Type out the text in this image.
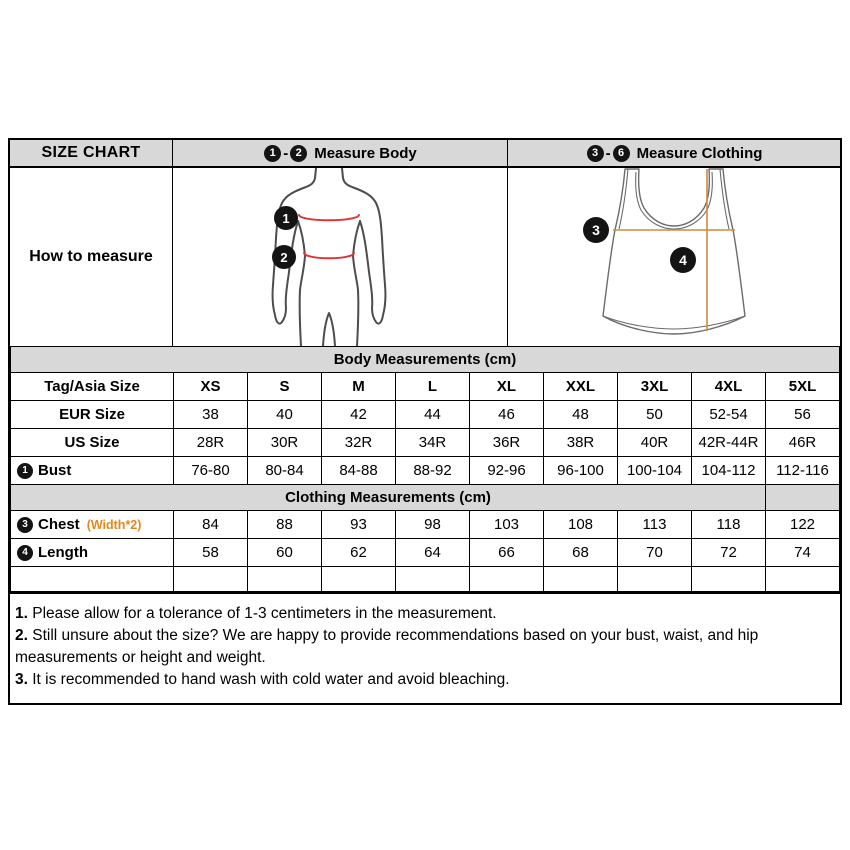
SIZE CHART	1 - 2 Measure Body	3 - 6 Measure Clothing
How to measure
1
2
3
4
Body Measurements (cm)									
Tag/Asia Size	XS	S	M	L	XL	XXL	3XL	4XL	5XL
EUR Size	38	40	42	44	46	48	50	52-54	56
US Size	28R	30R	32R	34R	36R	38R	40R	42R-44R	46R

1 Bust	76-80	80-84	84-88	88-92	92-96	96-100	100-104	104-112	112-116
Clothing Measurements (cm)									

3 Chest (Width*2)	84	88	93	98	103	108	113	118	122

4 Length	58	60	62	64	66	68	70	72	74

1. Please allow for a tolerance of 1-3 centimeters in the measurement.
2. Still unsure about the size? We are happy to provide recommendations based on your bust, waist, and hip measurements or height and weight.
3. It is recommended to hand wash with cold water and avoid bleaching.
